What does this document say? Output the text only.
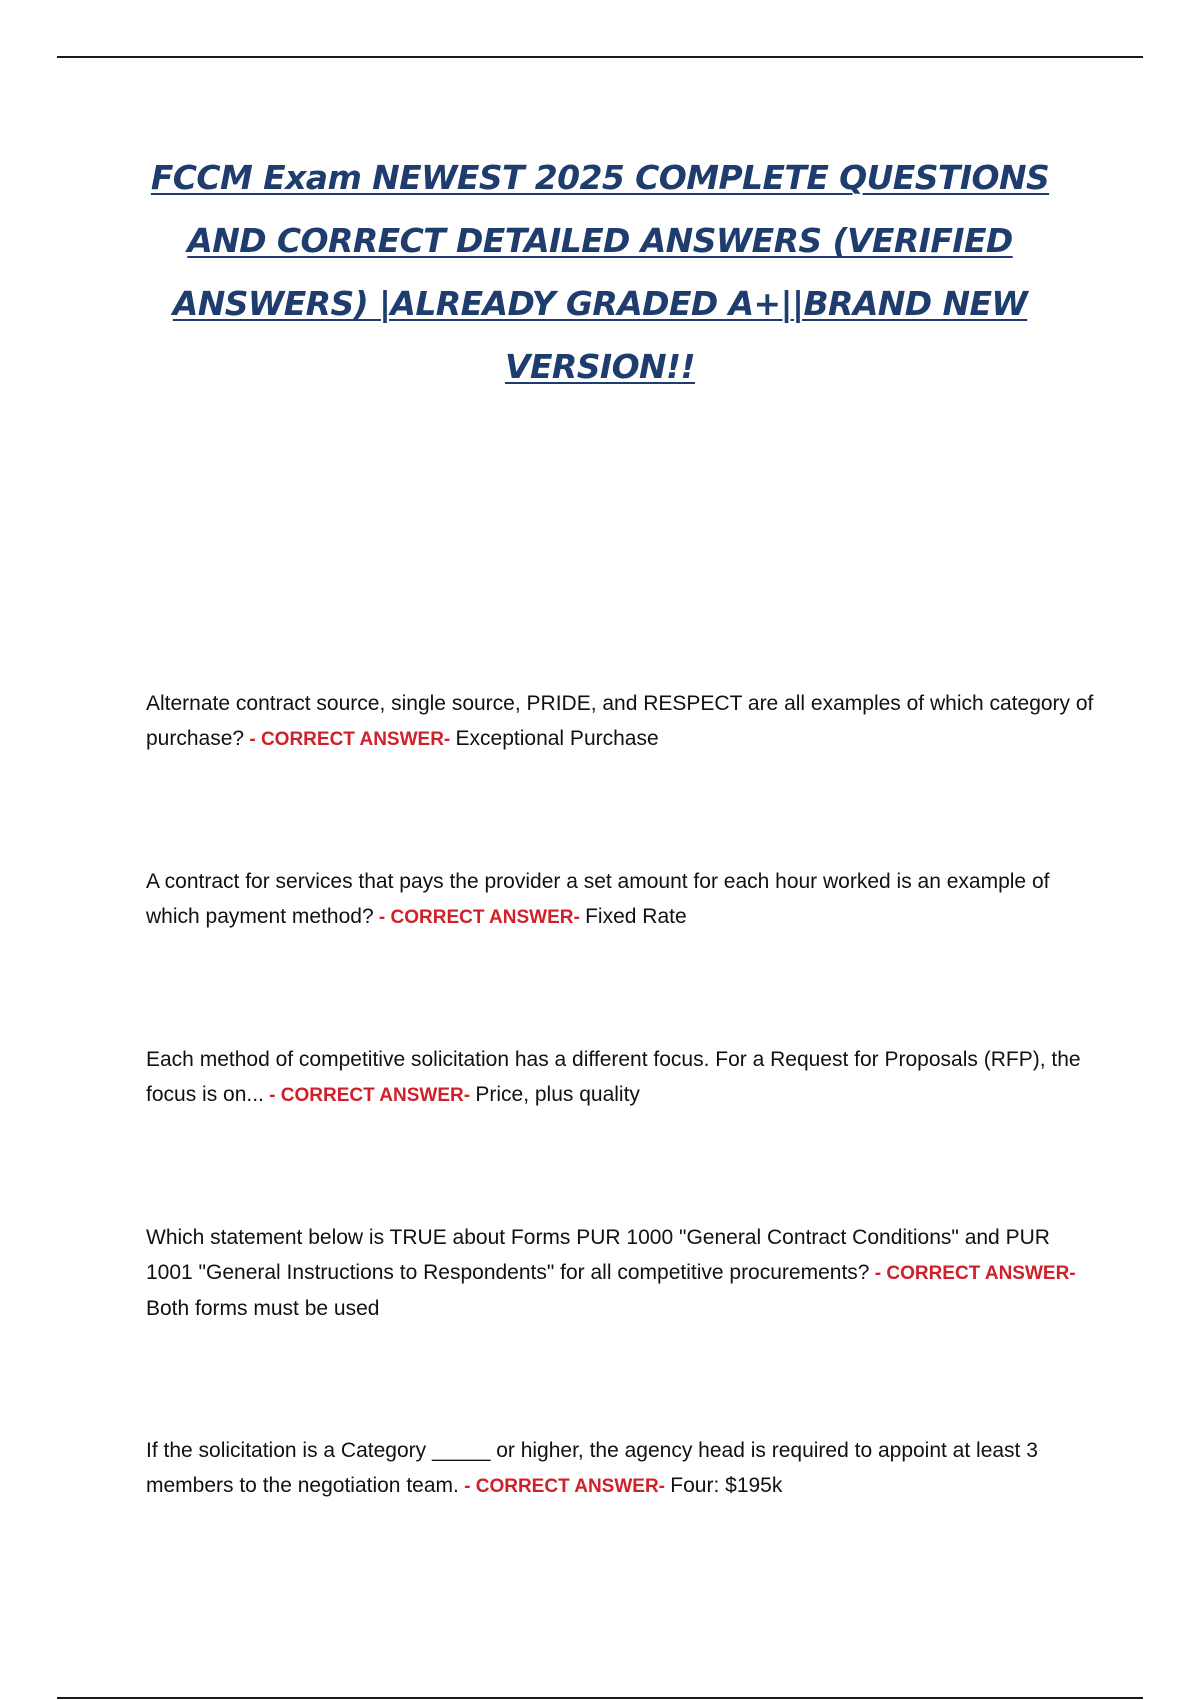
FCCM Exam NEWEST 2025 COMPLETE QUESTIONS AND CORRECT DETAILED ANSWERS (VERIFIED ANSWERS) |ALREADY GRADED A+||BRAND NEW VERSION!!

Alternate contract source, single source, PRIDE, and RESPECT are all examples of which category of purchase? - CORRECT ANSWER- Exceptional Purchase

A contract for services that pays the provider a set amount for each hour worked is an example of which payment method? - CORRECT ANSWER- Fixed Rate

Each method of competitive solicitation has a different focus. For a Request for Proposals (RFP), the focus is on... - CORRECT ANSWER- Price, plus quality

Which statement below is TRUE about Forms PUR 1000 "General Contract Conditions" and PUR 1001 "General Instructions to Respondents" for all competitive procurements? - CORRECT ANSWER- Both forms must be used

If the solicitation is a Category _____ or higher, the agency head is required to appoint at least 3 members to the negotiation team. - CORRECT ANSWER- Four: $195k
